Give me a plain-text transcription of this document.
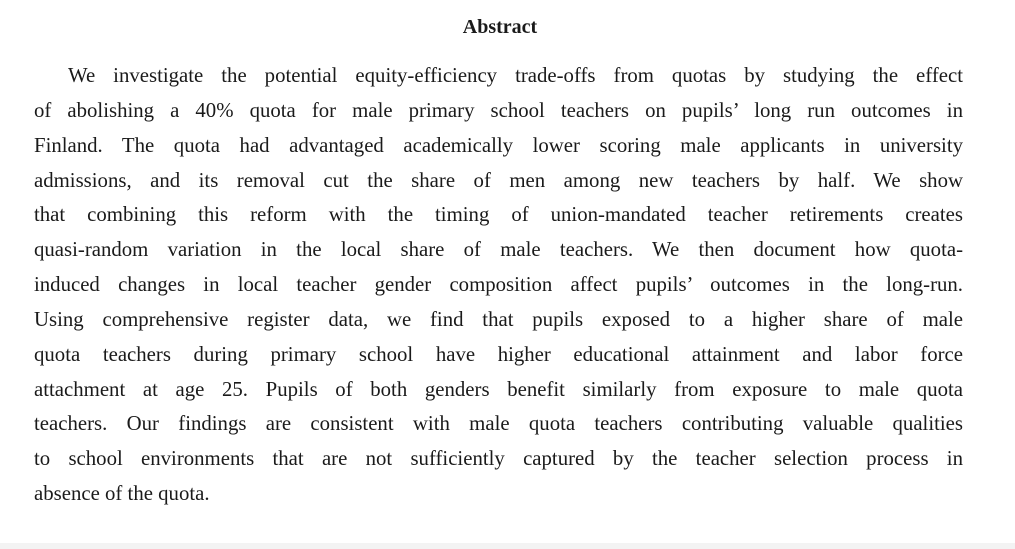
Abstract
We investigate the potential equity-efficiency trade-offs from quotas by studying the effect
of abolishing a 40% quota for male primary school teachers on pupils’ long run outcomes in
Finland. The quota had advantaged academically lower scoring male applicants in university
admissions, and its removal cut the share of men among new teachers by half. We show
that combining this reform with the timing of union-mandated teacher retirements creates
quasi-random variation in the local share of male teachers. We then document how quota-
induced changes in local teacher gender composition affect pupils’ outcomes in the long-run.
Using comprehensive register data, we find that pupils exposed to a higher share of male
quota teachers during primary school have higher educational attainment and labor force
attachment at age 25. Pupils of both genders benefit similarly from exposure to male quota
teachers. Our findings are consistent with male quota teachers contributing valuable qualities
to school environments that are not sufficiently captured by the teacher selection process in
absence of the quota.
